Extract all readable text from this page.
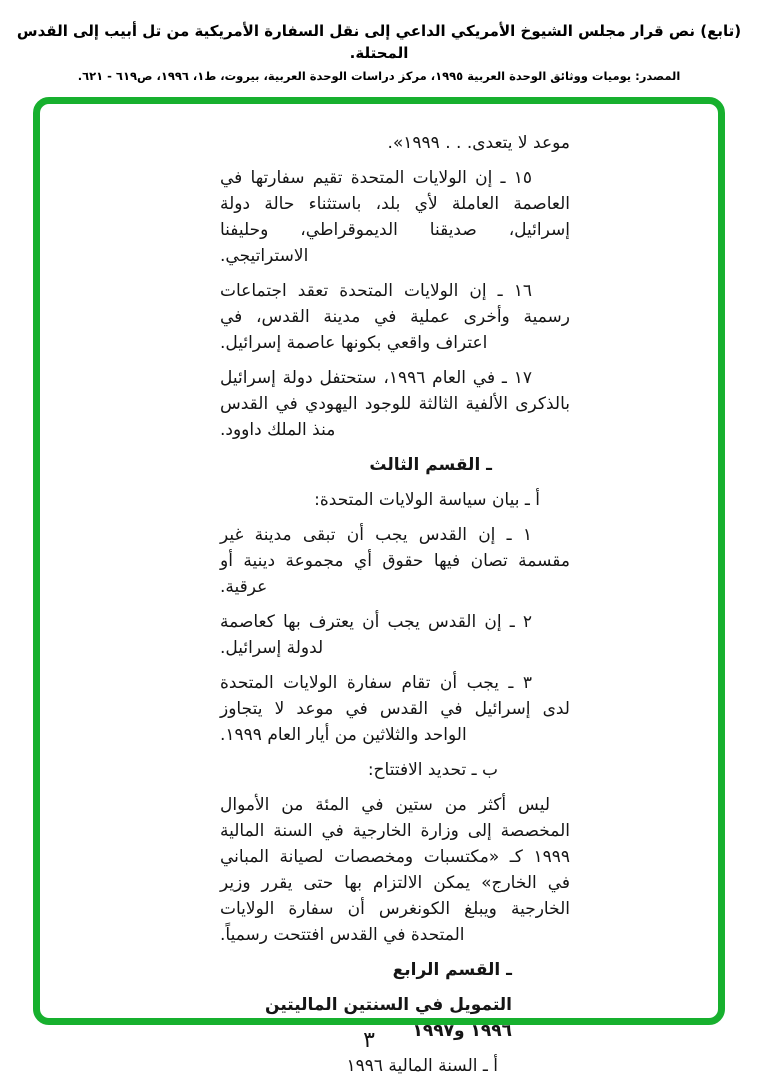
(تابع) نص قرار مجلس الشيوخ الأمريكي الداعي إلى نقل السفارة الأمريكية من تل أبيب إلى القدس المحتلة.
المصدر: يوميات ووثائق الوحدة العربية ١٩٩٥، مركز دراسات الوحدة العربية، بيروت، ط١، ١٩٩٦، ص٦١٩ - ٦٢١.

موعد لا يتعدى. . . ١٩٩٩».

١٥ ـ إن الولايات المتحدة تقيم سفارتها في العاصمة العاملة لأي بلد، باستثناء حالة دولة إسرائيل، صديقنا الديموقراطي، وحليفنا الاستراتيجي.

١٦ ـ إن الولايات المتحدة تعقد اجتماعات رسمية وأخرى عملية في مدينة القدس، في اعتراف واقعي بكونها عاصمة إسرائيل.

١٧ ـ في العام ١٩٩٦، ستحتفل دولة إسرائيل بالذكرى الألفية الثالثة للوجود اليهودي في القدس منذ الملك داوود.

ـ القسم الثالث

أ ـ بيان سياسة الولايات المتحدة:

١ ـ إن القدس يجب أن تبقى مدينة غير مقسمة تصان فيها حقوق أي مجموعة دينية أو عرقية.

٢ ـ إن القدس يجب أن يعترف بها كعاصمة لدولة إسرائيل.

٣ ـ يجب أن تقام سفارة الولايات المتحدة لدى إسرائيل في القدس في موعد لا يتجاوز الواحد والثلاثين من أيار العام ١٩٩٩.

ب ـ تحديد الافتتاح:

ليس أكثر من ستين في المئة من الأموال المخصصة إلى وزارة الخارجية في السنة المالية ١٩٩٩ كـ «مكتسبات ومخصصات لصيانة المباني في الخارج» يمكن الالتزام بها حتى يقرر وزير الخارجية ويبلغ الكونغرس أن سفارة الولايات المتحدة في القدس افتتحت رسمياً.

ـ القسم الرابع

التمويل في السنتين الماليتين ١٩٩٦ و١٩٩٧

أ ـ السنة المالية ١٩٩٦

٣
